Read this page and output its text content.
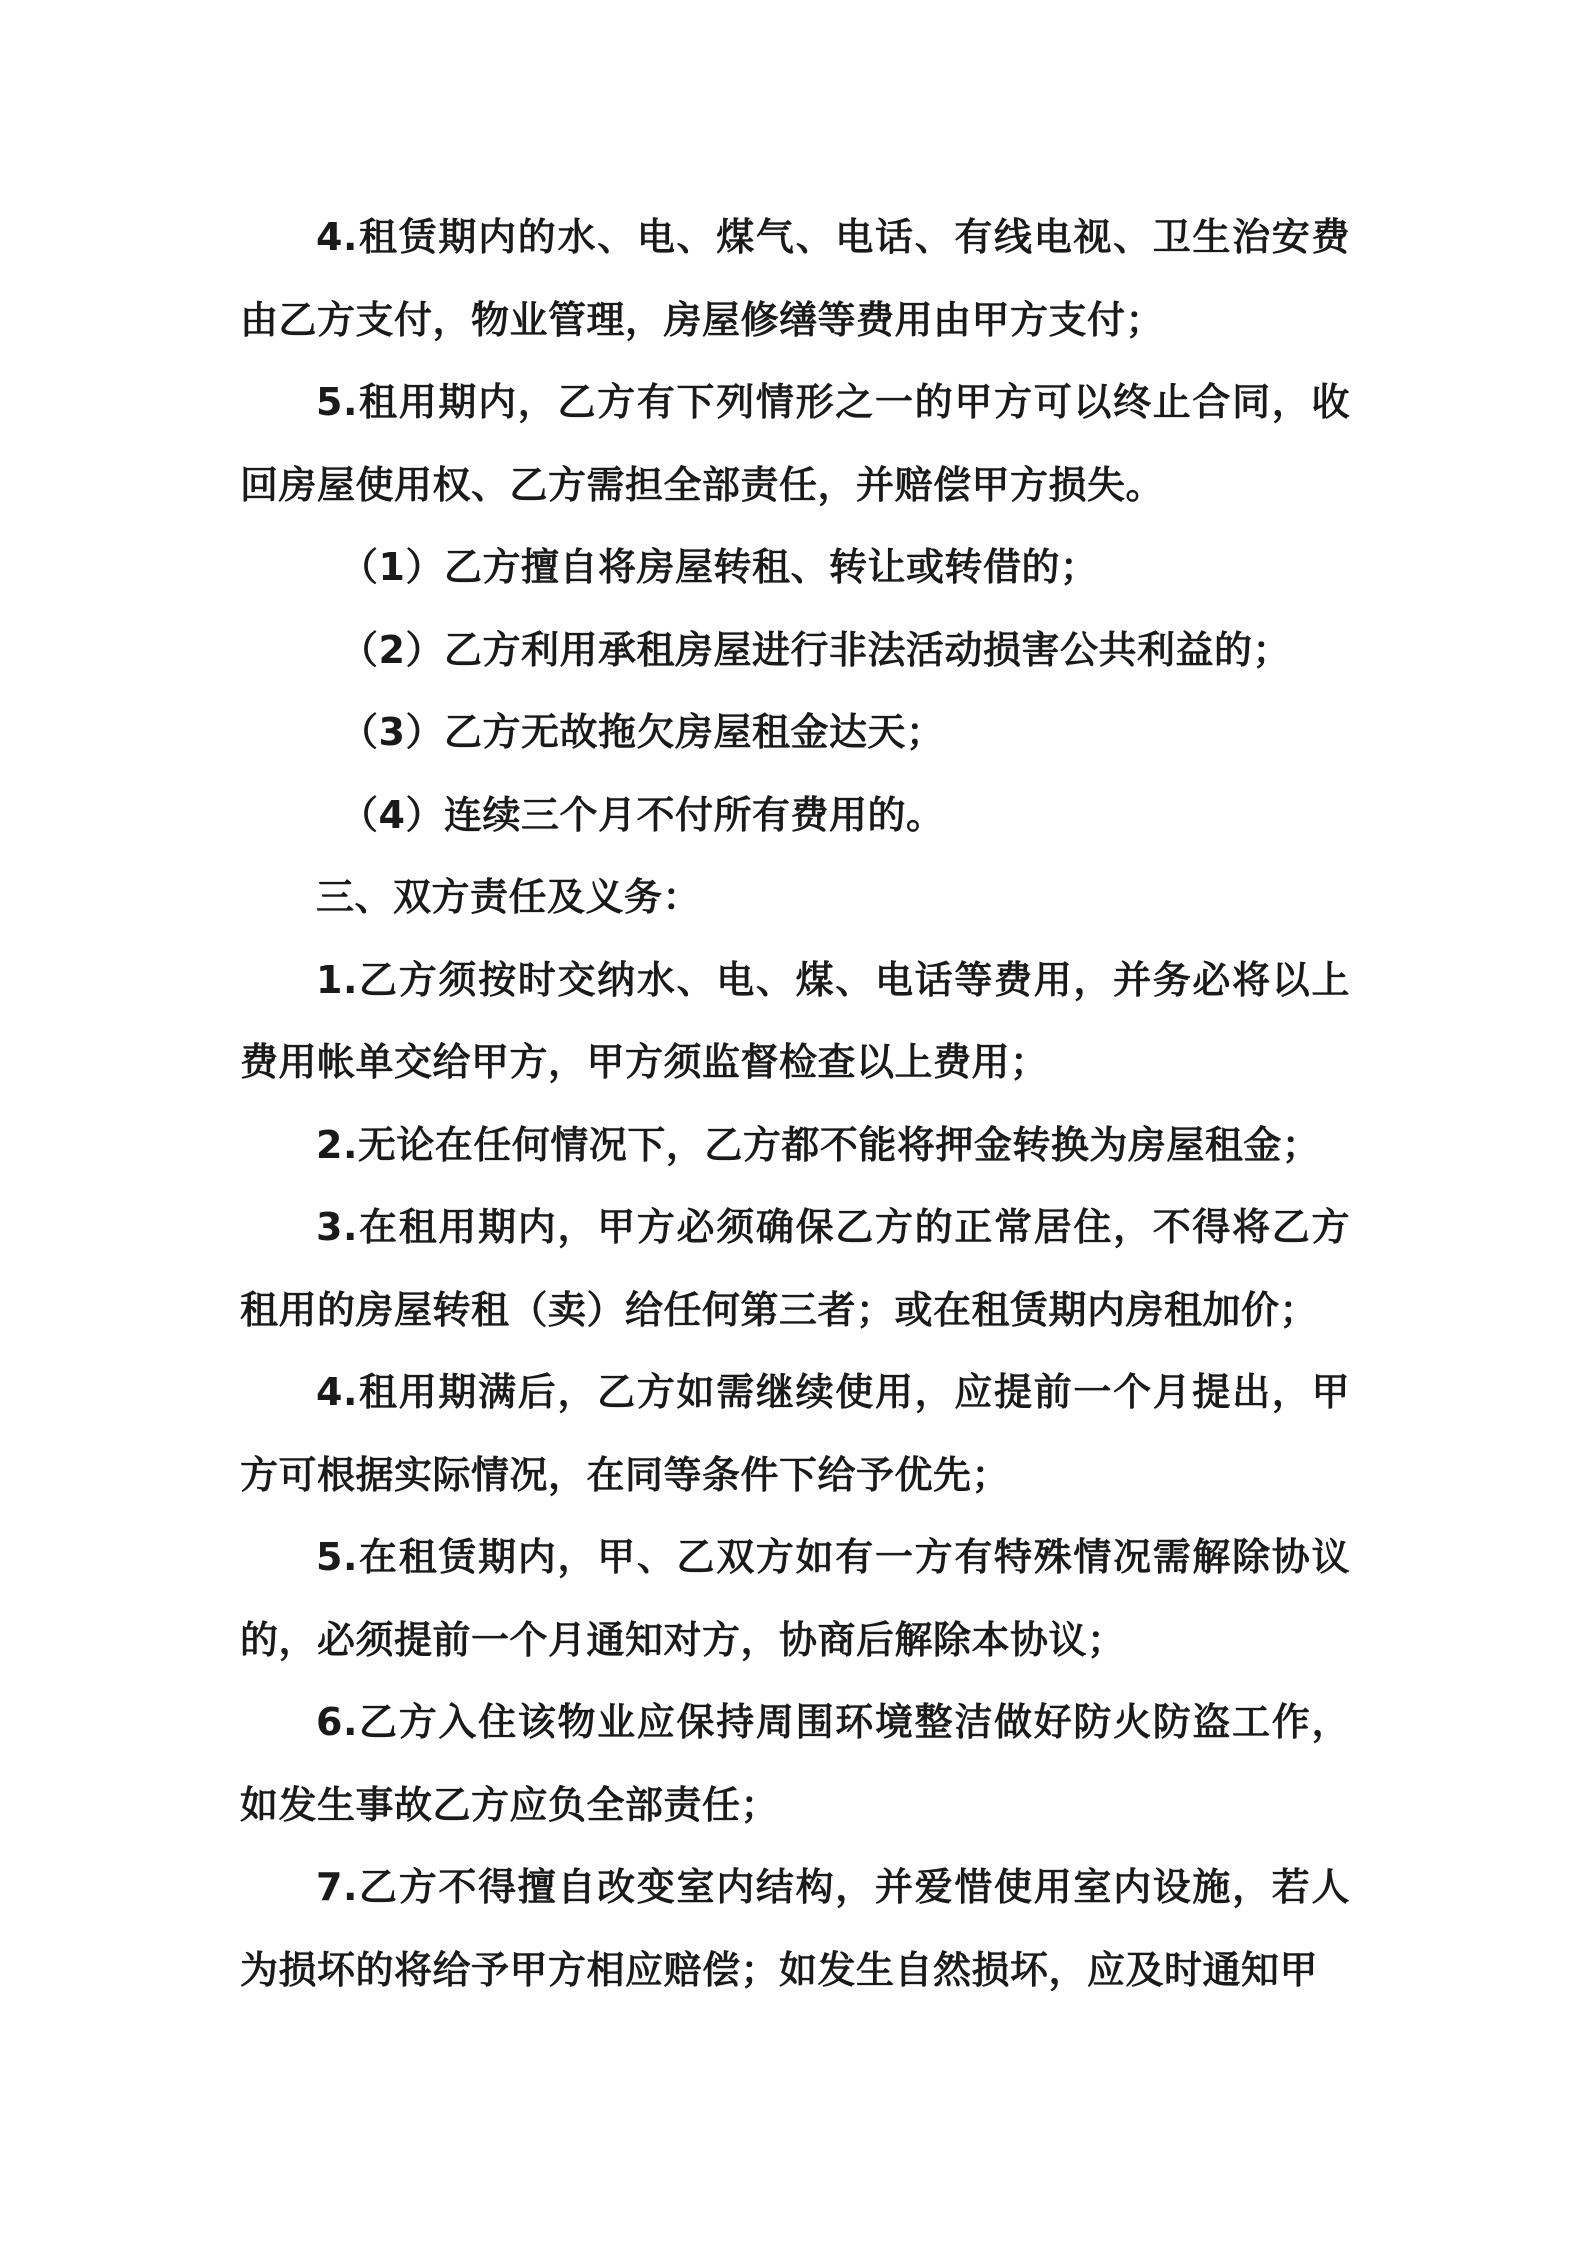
4.租赁期内的水、电、煤气、电话、有线电视、卫生治安费由乙方支付，物业管理，房屋修缮等费用由甲方支付；

5.租用期内，乙方有下列情形之一的甲方可以终止合同，收回房屋使用权、乙方需担全部责任，并赔偿甲方损失。

（1）乙方擅自将房屋转租、转让或转借的；

（2）乙方利用承租房屋进行非法活动损害公共利益的；

（3）乙方无故拖欠房屋租金达天；

（4）连续三个月不付所有费用的。

三、双方责任及义务：

1.乙方须按时交纳水、电、煤、电话等费用，并务必将以上费用帐单交给甲方，甲方须监督检查以上费用；

2.无论在任何情况下，乙方都不能将押金转换为房屋租金；

3.在租用期内，甲方必须确保乙方的正常居住，不得将乙方租用的房屋转租（卖）给任何第三者；或在租赁期内房租加价；

4.租用期满后，乙方如需继续使用，应提前一个月提出，甲方可根据实际情况，在同等条件下给予优先；

5.在租赁期内，甲、乙双方如有一方有特殊情况需解除协议的，必须提前一个月通知对方，协商后解除本协议；

6.乙方入住该物业应保持周围环境整洁做好防火防盗工作，如发生事故乙方应负全部责任；

7.乙方不得擅自改变室内结构，并爱惜使用室内设施，若人为损坏的将给予甲方相应赔偿；如发生自然损坏，应及时通知甲
